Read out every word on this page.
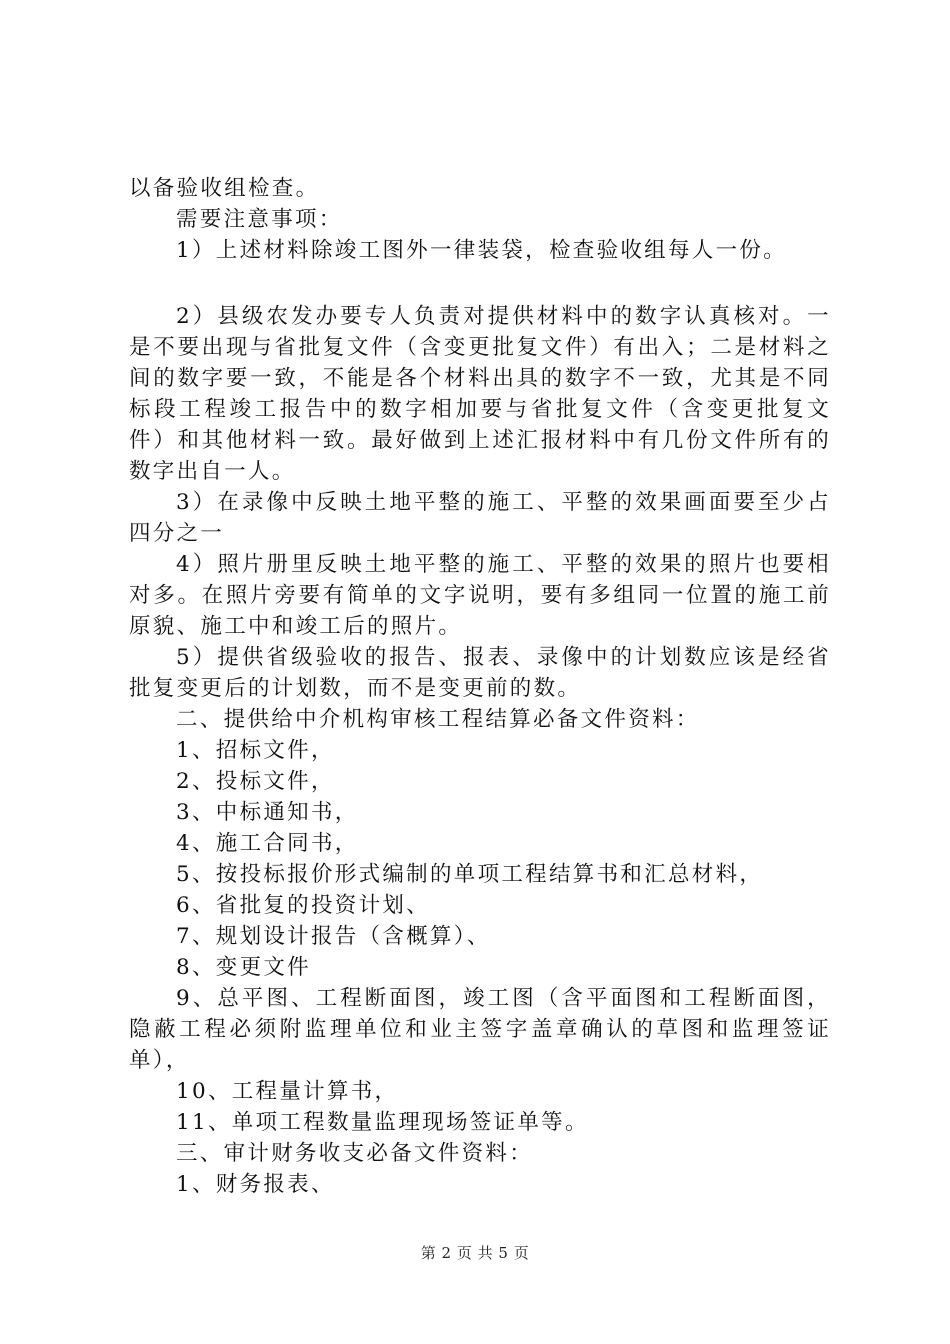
以备验收组检查。

需要注意事项：

1）上述材料除竣工图外一律装袋，检查验收组每人一份。

2）县级农发办要专人负责对提供材料中的数字认真核对。一是不要出现与省批复文件（含变更批复文件）有出入；二是材料之间的数字要一致，不能是各个材料出具的数字不一致，尤其是不同标段工程竣工报告中的数字相加要与省批复文件（含变更批复文件）和其他材料一致。最好做到上述汇报材料中有几份文件所有的数字出自一人。

3）在录像中反映土地平整的施工、平整的效果画面要至少占四分之一

4）照片册里反映土地平整的施工、平整的效果的照片也要相对多。在照片旁要有简单的文字说明，要有多组同一位置的施工前原貌、施工中和竣工后的照片。

5）提供省级验收的报告、报表、录像中的计划数应该是经省批复变更后的计划数，而不是变更前的数。

二、提供给中介机构审核工程结算必备文件资料：

1、招标文件，

2、投标文件，

3、中标通知书，

4、施工合同书，

5、按投标报价形式编制的单项工程结算书和汇总材料，

6、省批复的投资计划、

7、规划设计报告（含概算）、

8、变更文件

9、总平图、工程断面图，竣工图（含平面图和工程断面图，隐蔽工程必须附监理单位和业主签字盖章确认的草图和监理签证单），

10、工程量计算书，

11、单项工程数量监理现场签证单等。

三、审计财务收支必备文件资料：

1、财务报表、

第 2 页 共 5 页
